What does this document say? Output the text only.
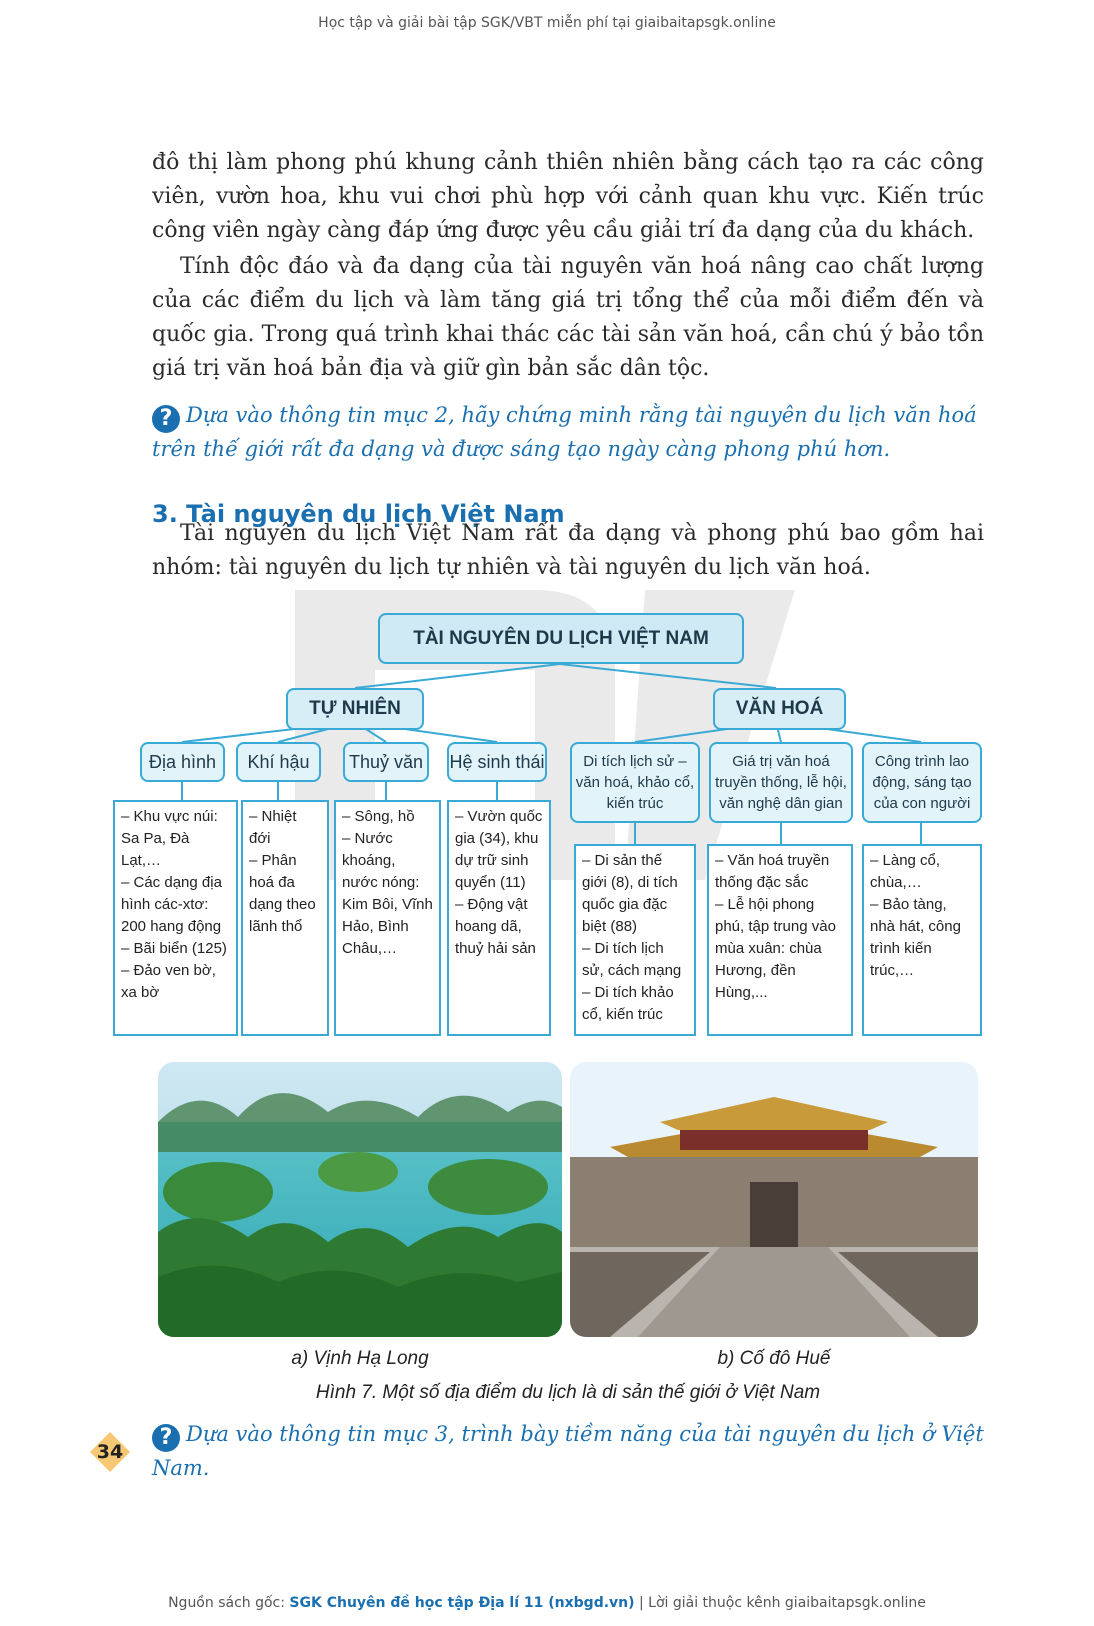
Học tập và giải bài tập SGK/VBT miễn phí tại giaibaitapsgk.online
đô thị làm phong phú khung cảnh thiên nhiên bằng cách tạo ra các công viên, vườn hoa, khu vui chơi phù hợp với cảnh quan khu vực. Kiến trúc công viên ngày càng đáp ứng được yêu cầu giải trí đa dạng của du khách.
Tính độc đáo và đa dạng của tài nguyên văn hoá nâng cao chất lượng của các điểm du lịch và làm tăng giá trị tổng thể của mỗi điểm đến và quốc gia. Trong quá trình khai thác các tài sản văn hoá, cần chú ý bảo tồn giá trị văn hoá bản địa và giữ gìn bản sắc dân tộc.
? Dựa vào thông tin mục 2, hãy chứng minh rằng tài nguyên du lịch văn hoá trên thế giới rất đa dạng và được sáng tạo ngày càng phong phú hơn.
3. Tài nguyên du lịch Việt Nam
Tài nguyên du lịch Việt Nam rất đa dạng và phong phú bao gồm hai nhóm: tài nguyên du lịch tự nhiên và tài nguyên du lịch văn hoá.
TÀI NGUYÊN DU LỊCH VIỆT NAM
TỰ NHIÊN	VĂN HOÁ
Địa hình	Khí hậu	Thuỷ văn	Hệ sinh thái	Di tích lịch sử – văn hoá, khảo cổ, kiến trúc
Giá trị văn hoá truyền thống, lễ hội, văn nghệ dân gian
Công trình lao động, sáng tạo của con người
– Khu vực núi: Sa Pa, Đà Lạt,…
– Các dạng địa hình các-xtơ: 200 hang động
– Bãi biển (125)
– Đảo ven bờ, xa bờ
– Nhiệt đới
– Phân hoá đa dạng theo lãnh thổ
– Sông, hồ
– Nước khoáng, nước nóng: Kim Bôi, Vĩnh Hảo, Bình Châu,…
– Vườn quốc gia (34), khu dự trữ sinh quyển (11)
– Động vật hoang dã, thuỷ hải sản
– Di sản thế giới (8), di tích quốc gia đặc biệt (88)
– Di tích lịch sử, cách mạng
– Di tích khảo cổ, kiến trúc
– Văn hoá truyền thống đặc sắc
– Lễ hội phong phú, tập trung vào mùa xuân: chùa Hương, đền Hùng,...
– Làng cổ, chùa,…
– Bảo tàng, nhà hát, công trình kiến trúc,…
a) Vịnh Hạ Long	b) Cố đô Huế
Hình 7. Một số địa điểm du lịch là di sản thế giới ở Việt Nam
? Dựa vào thông tin mục 3, trình bày tiềm năng của tài nguyên du lịch ở Việt Nam.
34
Nguồn sách gốc: SGK Chuyên đề học tập Địa lí 11 (nxbgd.vn) | Lời giải thuộc kênh giaibaitapsgk.online
